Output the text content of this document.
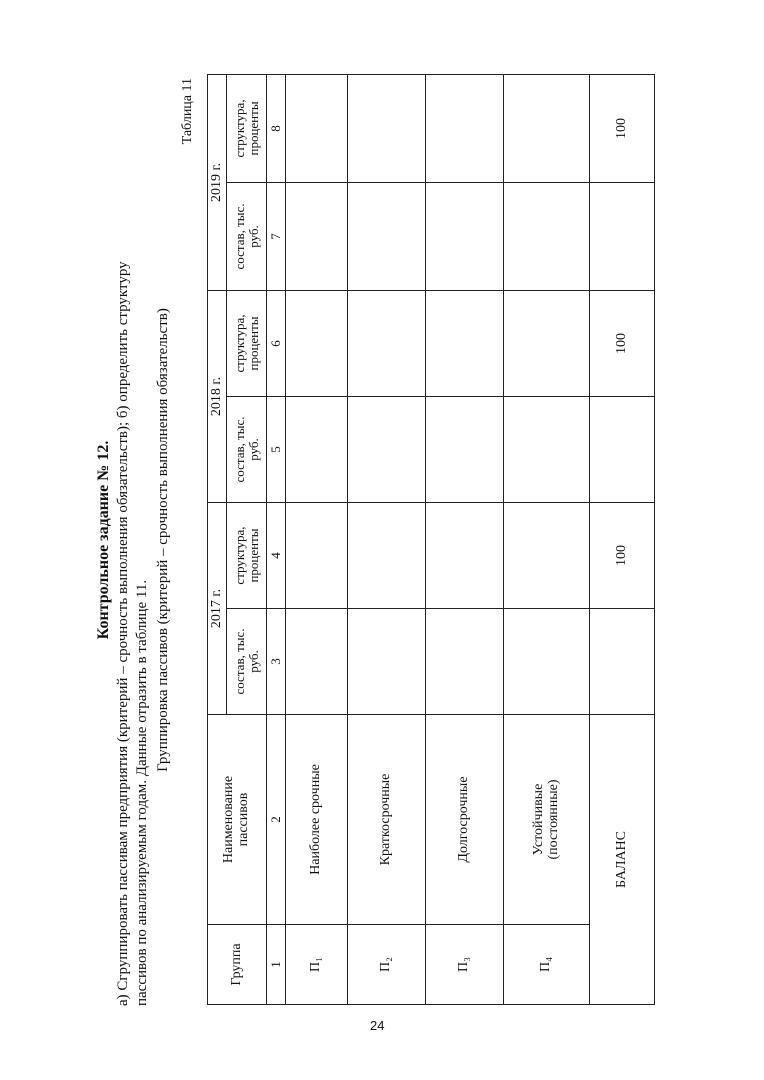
Контрольное задание № 12. а) Сгруппировать пассивам предприятия (критерий – срочность выполнения обязательств); б) определить структуру пассивов по анализируемым годам. Данные отразить в таблице 11.
Группировка пассивов (критерий – срочность выполнения обязательств)
Таблица 11
Группа	Наименование пассивов	2017 г.		2018 г.		2019 г.	
		состав, тыс. руб.	структура, проценты	состав, тыс. руб.	структура, проценты	состав, тыс. руб.	структура, проценты
1	2	3	4	5	6	7	8
П₁	Наиболее срочные						
П₂	Краткосрочные						
П₃	Долгосрочные						
П₄	Устойчивые (постоянные)						
БАЛАНС			100		100		100
24
